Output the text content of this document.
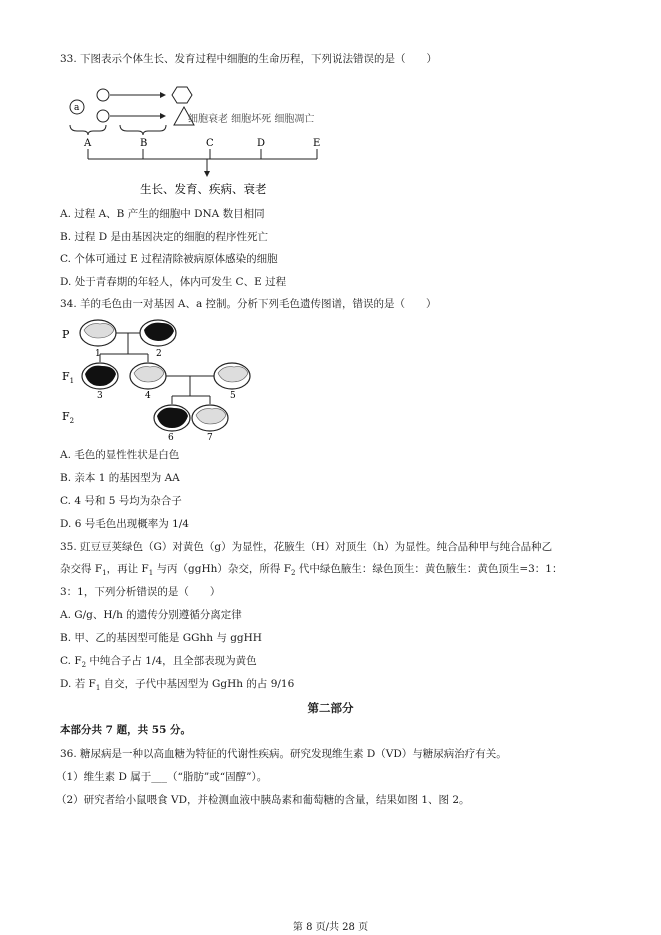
33. 下图表示个体生长、发育过程中细胞的生命历程，下列说法错误的是（　　）
a
细胞衰老 细胞坏死 细胞凋亡
A	B	C	D	E
生长、发育、疾病、衰老
A. 过程 A、B 产生的细胞中 DNA 数目相同
B. 过程 D 是由基因决定的细胞的程序性死亡
C. 个体可通过 E 过程清除被病原体感染的细胞
D. 处于青春期的年轻人，体内可发生 C、E 过程
34. 羊的毛色由一对基因 A、a 控制。分析下列毛色遗传图谱，错误的是（　　）
P
$F_1$
$F_2$
1	2
3	4	5
6	7
A. 毛色的显性性状是白色
B. 亲本 1 的基因型为 AA
C. 4 号和 5 号均为杂合子
D. 6 号毛色出现概率为 1/4
35. 豇豆豆荚绿色（G）对黄色（g）为显性，花腋生（H）对顶生（h）为显性。纯合品种甲与纯合品种乙
杂交得 $F_1$，再让 $F_1$ 与丙（ggHh）杂交，所得 $F_2$ 代中绿色腋生：绿色顶生：黄色腋生：黄色顶生=3：1：
3：1，下列分析错误的是（　　）
A. G/g、H/h 的遗传分别遵循分离定律
B. 甲、乙的基因型可能是 GGhh 与 ggHH
C. $F_2$ 中纯合子占 1/4，且全部表现为黄色
D. 若 $F_1$ 自交，子代中基因型为 GgHh 的占 9/16
第二部分
本部分共 7 题，共 55 分。
36. 糖尿病是一种以高血糖为特征的代谢性疾病。研究发现维生素 D（VD）与糖尿病治疗有关。
（1）维生素 D 属于___（“脂肪”或“固醇”）。
（2）研究者给小鼠喂食 VD，并检测血液中胰岛素和葡萄糖的含量，结果如图 1、图 2。
第 8 页/共 28 页
